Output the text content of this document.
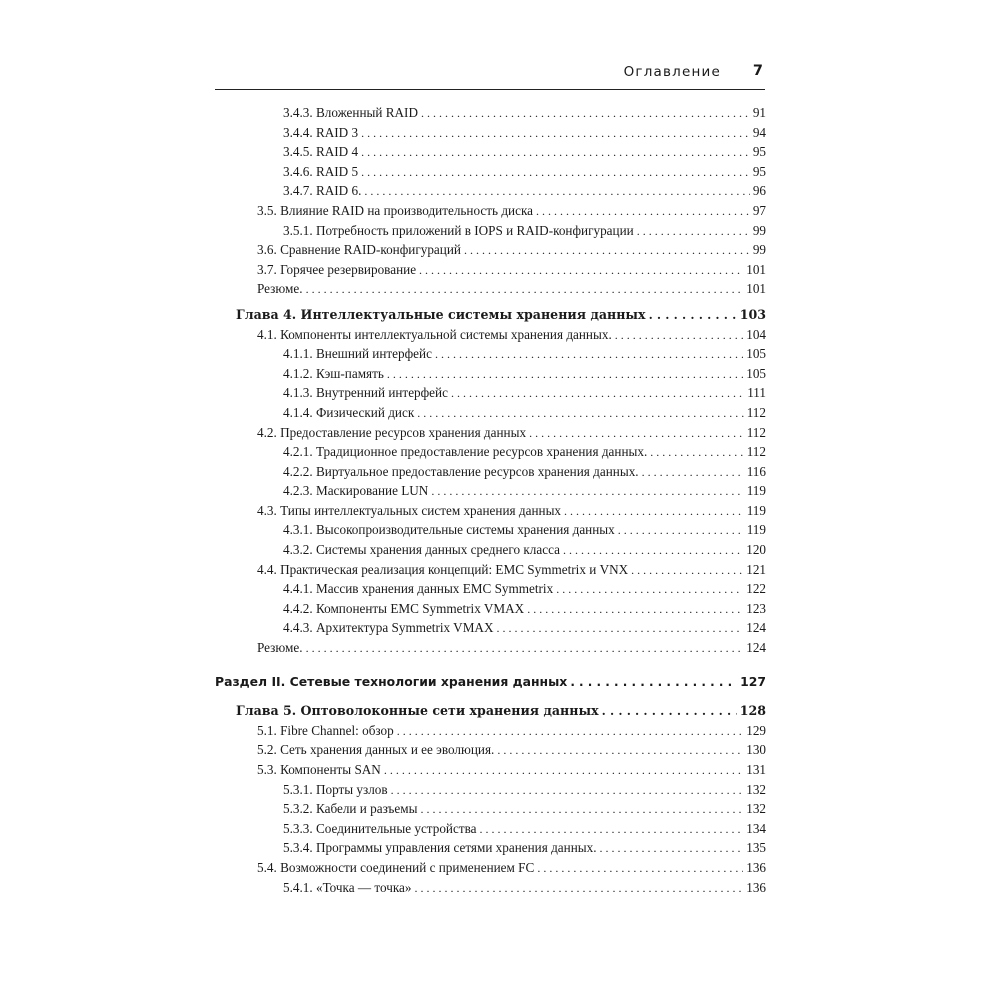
Оглавление 7
3.4.3. Вложенный RAID . . .	91
3.4.4. RAID 3 . . .	94
3.4.5. RAID 4 . . .	95
3.4.6. RAID 5 . . .	95
3.4.7. RAID 6. . . .	96
3.5. Влияние RAID на производительность диска . . .	97
3.5.1. Потребность приложений в IOPS и RAID-конфигурации . . .	99
3.6. Сравнение RAID-конфигураций . . .	99
3.7. Горячее резервирование . . .	101
Резюме. . . .	101
Глава 4. Интеллектуальные системы хранения данных . . .	103
4.1. Компоненты интеллектуальной системы хранения данных. . . .	104
4.1.1. Внешний интерфейс . . .	105
4.1.2. Кэш-память . . .	105
4.1.3. Внутренний интерфейс . . .	111
4.1.4. Физический диск . . .	112
4.2. Предоставление ресурсов хранения данных . . .	112
4.2.1. Традиционное предоставление ресурсов хранения данных. . . .	112
4.2.2. Виртуальное предоставление ресурсов хранения данных. . . .	116
4.2.3. Маскирование LUN . . .	119
4.3. Типы интеллектуальных систем хранения данных . . .	119
4.3.1. Высокопроизводительные системы хранения данных . . .	119
4.3.2. Системы хранения данных среднего класса . . .	120
4.4. Практическая реализация концепций: EMC Symmetrix и VNX . . .	121
4.4.1. Массив хранения данных EMC Symmetrix . . .	122
4.4.2. Компоненты EMC Symmetrix VMAX . . .	123
4.4.3. Архитектура Symmetrix VMAX . . .	124
Резюме. . . .	124
Раздел II. Сетевые технологии хранения данных . . .	127
Глава 5. Оптоволоконные сети хранения данных . . .	128
5.1. Fibre Channel: обзор . . .	129
5.2. Сеть хранения данных и ее эволюция. . . .	130
5.3. Компоненты SAN . . .	131
5.3.1. Порты узлов . . .	132
5.3.2. Кабели и разъемы . . .	132
5.3.3. Соединительные устройства . . .	134
5.3.4. Программы управления сетями хранения данных. . . .	135
5.4. Возможности соединений с применением FC . . .	136
5.4.1. «Точка — точка» . . .	136
